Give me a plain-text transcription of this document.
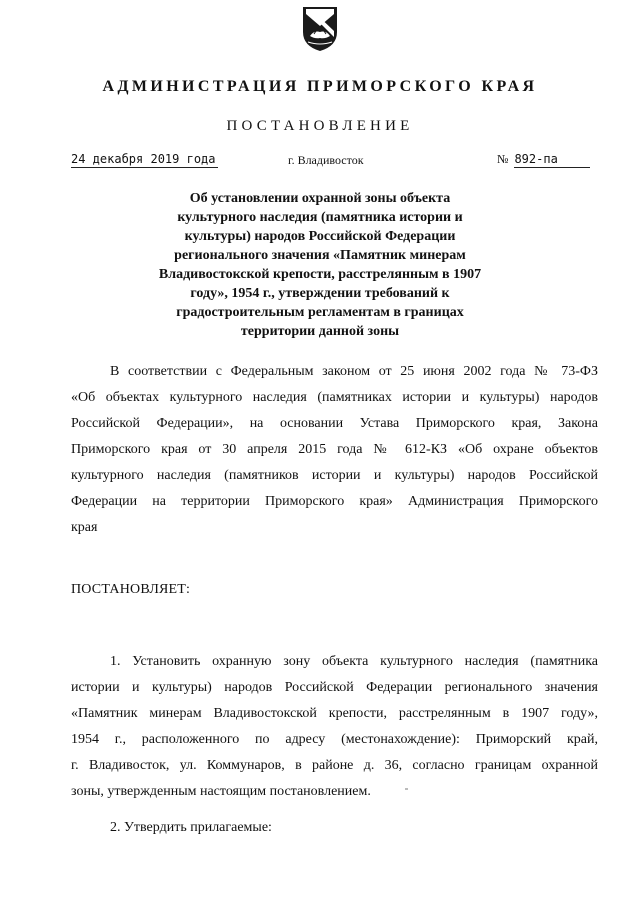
АДМИНИСТРАЦИЯ ПРИМОРСКОГО КРАЯ
ПОСТАНОВЛЕНИЕ
24 декабря 2019 года	г. Владивосток	№ 892-па
Об установлении охранной зоны объекта
культурного наследия (памятника истории и
культуры) народов Российской Федерации
регионального значения «Памятник минерам
Владивостокской крепости, расстрелянным в 1907
году», 1954 г., утверждении требований к
градостроительным регламентам в границах
территории данной зоны
В соответствии с Федеральным законом от 25 июня 2002 года № 73-ФЗ
«Об объектах культурного наследия (памятниках истории и культуры) народов
Российской Федерации», на основании Устава Приморского края, Закона
Приморского края от 30 апреля 2015 года № 612-КЗ «Об охране объектов
культурного наследия (памятников истории и культуры) народов Российской
Федерации на территории Приморского края» Администрация Приморского
края
ПОСТАНОВЛЯЕТ:
1. Установить охранную зону объекта культурного наследия (памятника
истории и культуры) народов Российской Федерации регионального значения
«Памятник минерам Владивостокской крепости, расстрелянным в 1907 году»,
1954 г., расположенного по адресу (местонахождение): Приморский край,
г. Владивосток, ул. Коммунаров, в районе д. 36, согласно границам охранной
зоны, утвержденным настоящим постановлением.
2. Утвердить прилагаемые:
